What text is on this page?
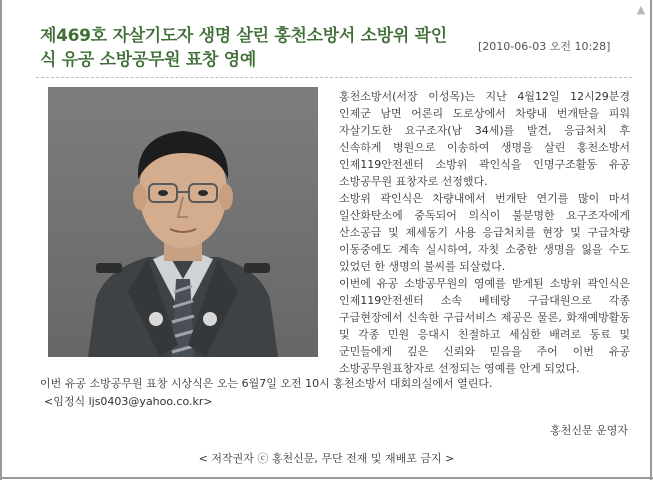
▲
제469호 자살기도자 생명 살린 홍천소방서 소방위 곽인식 유공 소방공무원 표창 영예
[2010-06-03 오전 10:28]

홍천소방서(서장 이성목)는 지난 4월12일 12시29분경 인제군 남면 어론리 도로상에서 차량내 번개탄을 피워 자살기도한 요구조자(남 34세)를 발견, 응급처치 후 신속하게 병원으로 이송하여 생명을 살린 홍천소방서 인제119안전센터 소방위 곽인식을 인명구조활동 유공 소방공무원 표창자로 선정했다.

소방위 곽인식은 차량내에서 번개탄 연기를 많이 마셔 일산화탄소에 중독되어 의식이 불분명한 요구조자에게 산소공급 및 제세동기 사용 응급처치를 현장 및 구급차량 이동중에도 계속 실시하여, 자칫 소중한 생명을 잃을 수도 있었던 한 생명의 불씨를 되살렸다.

이번에 유공 소방공무원의 영예를 받게된 소방위 곽인식은 인제119안전센터 소속 베테랑 구급대원으로 각종 구급현장에서 신속한 구급서비스 제공은 물론, 화재예방활동 및 각종 민원 응대시 친절하고 세심한 배려로 동료 및 군민들에게 깊은 신뢰와 믿음을 주어 이번 유공 소방공무원표창자로 선정되는 영예를 안게 되었다.

이번 유공 소방공무원 표창 시상식은 오는 6월7일 오전 10시 홍천소방서 대회의실에서 열린다.
<임정식 ljs0403@yahoo.co.kr>
홍천신문 운영자
< 저작권자 ⓒ 홍천신문, 무단 전재 및 재배포 금지 >
